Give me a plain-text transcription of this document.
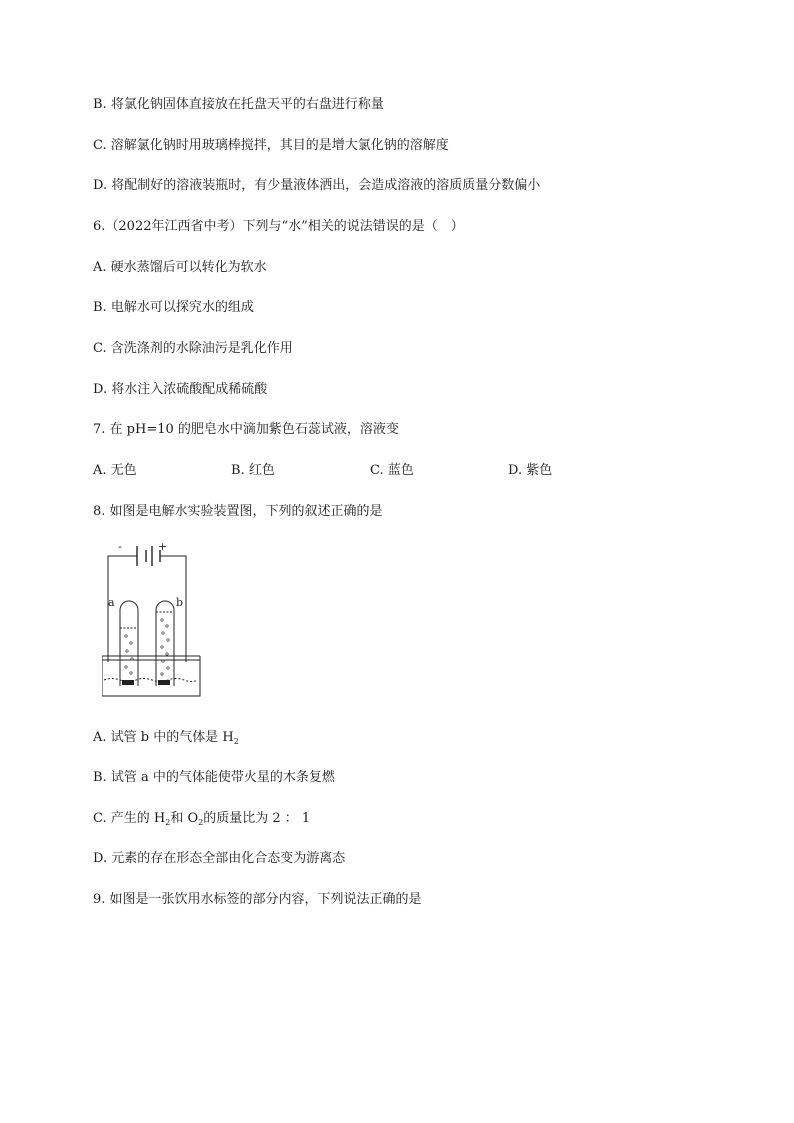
B. 将氯化钠固体直接放在托盘天平的右盘进行称量
C. 溶解氯化钠时用玻璃棒搅拌，其目的是增大氯化钠的溶解度
D. 将配制好的溶液装瓶时，有少量液体洒出，会造成溶液的溶质质量分数偏小
6.（2022年江西省中考）下列与“水”相关的说法错误的是（　）
A. 硬水蒸馏后可以转化为软水
B. 电解水可以探究水的组成
C. 含洗涤剂的水除油污是乳化作用
D. 将水注入浓硫酸配成稀硫酸
7. 在 pH=10 的肥皂水中滴加紫色石蕊试液，溶液变
A. 无色	B. 红色	C. 蓝色	D. 紫色
8. 如图是电解水实验装置图，下列的叙述正确的是
-	+
a	b
A. 试管 b 中的气体是 $H_2$
B. 试管 a 中的气体能使带火星的木条复燃
C. 产生的 $H_2$和 $O_2$的质量比为 2 ： 1
D. 元素的存在形态全部由化合态变为游离态
9. 如图是一张饮用水标签的部分内容，下列说法正确的是
